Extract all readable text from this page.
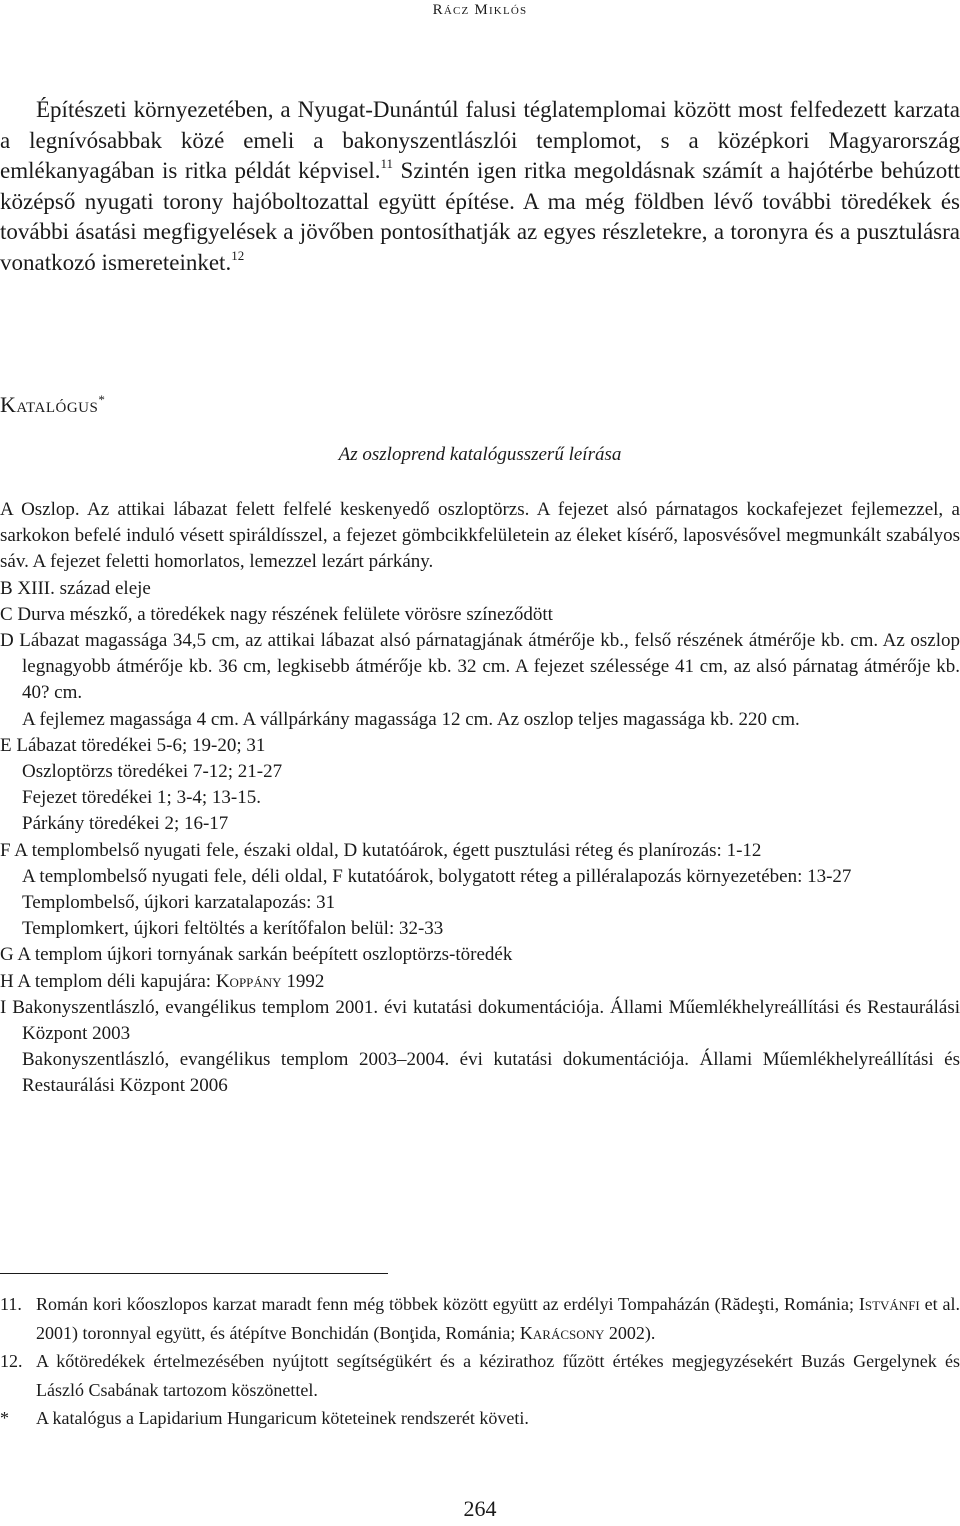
Rácz Miklós

Építészeti környezetében, a Nyugat-Dunántúl falusi téglatemplomai között most felfedezett karzata a legnívósabbak közé emeli a bakonyszentlászlói templomot, s a középkori Magyarország emlékanyagában is ritka példát képvisel.$^{11}$ Szintén igen ritka megoldásnak számít a hajótérbe behúzott középső nyugati torony hajóboltozattal együtt építése. A ma még földben lévő további töredékek és további ásatási megfigyelések a jövőben pontosíthatják az egyes részletekre, a toronyra és a pusztulásra vonatkozó ismereteinket.$^{12}$

Katalógus*
Az oszloprend katalógusszerű leírása
A Oszlop. Az attikai lábazat felett felfelé keskenyedő oszloptörzs. A fejezet alsó párnatagos kockafejezet fejlemezzel, a sarkokon befelé induló vésett spiráldísszel, a fejezet gömbcikkfelületein az éleket kísérő, laposvésővel megmunkált szabályos sáv. A fejezet feletti homorlatos, lemezzel lezárt párkány.
B XIII. század eleje
C Durva mészkő, a töredékek nagy részének felülete vörösre színeződött
D Lábazat magassága 34,5 cm, az attikai lábazat alsó párnatagjának átmérője kb., felső részének átmérője kb. cm. Az oszlop legnagyobb átmérője kb. 36 cm, legkisebb átmérője kb. 32 cm. A fejezet szélessége 41 cm, az alsó párnatag átmérője kb. 40? cm.
A fejlemez magassága 4 cm. A vállpárkány magassága 12 cm. Az oszlop teljes magassága kb. 220 cm.
E Lábazat töredékei 5-6; 19-20; 31
Oszloptörzs töredékei 7-12; 21-27
Fejezet töredékei 1; 3-4; 13-15.
Párkány töredékei 2; 16-17
F A templombelső nyugati fele, északi oldal, D kutatóárok, égett pusztulási réteg és planírozás: 1-12
A templombelső nyugati fele, déli oldal, F kutatóárok, bolygatott réteg a pilléralapozás környezetében: 13-27
Templombelső, újkori karzatalapozás: 31
Templomkert, újkori feltöltés a kerítőfalon belül: 32-33
G A templom újkori tornyának sarkán beépített oszloptörzs-töredék
H A templom déli kapujára: Koppány 1992
I Bakonyszentlászló, evangélikus templom 2001. évi kutatási dokumentációja. Állami Műemlékhelyreállítási és Restaurálási Központ 2003
Bakonyszentlászló, evangélikus templom 2003–2004. évi kutatási dokumentációja. Állami Műemlékhelyreállítási és Restaurálási Központ 2006
11. Román kori kőoszlopos karzat maradt fenn még többek között együtt az erdélyi Tompaházán (Rădeşti, Románia; Istvánfi et al. 2001) toronnyal együtt, és átépítve Bonchidán (Bonţida, Románia; Karácsony 2002).
12. A kőtöredékek értelmezésében nyújtott segítségükért és a kézirathoz fűzött értékes megjegyzésekért Buzás Gergelynek és László Csabának tartozom köszönettel.
*	A katalógus a Lapidarium Hungaricum köteteinek rendszerét követi.
264
